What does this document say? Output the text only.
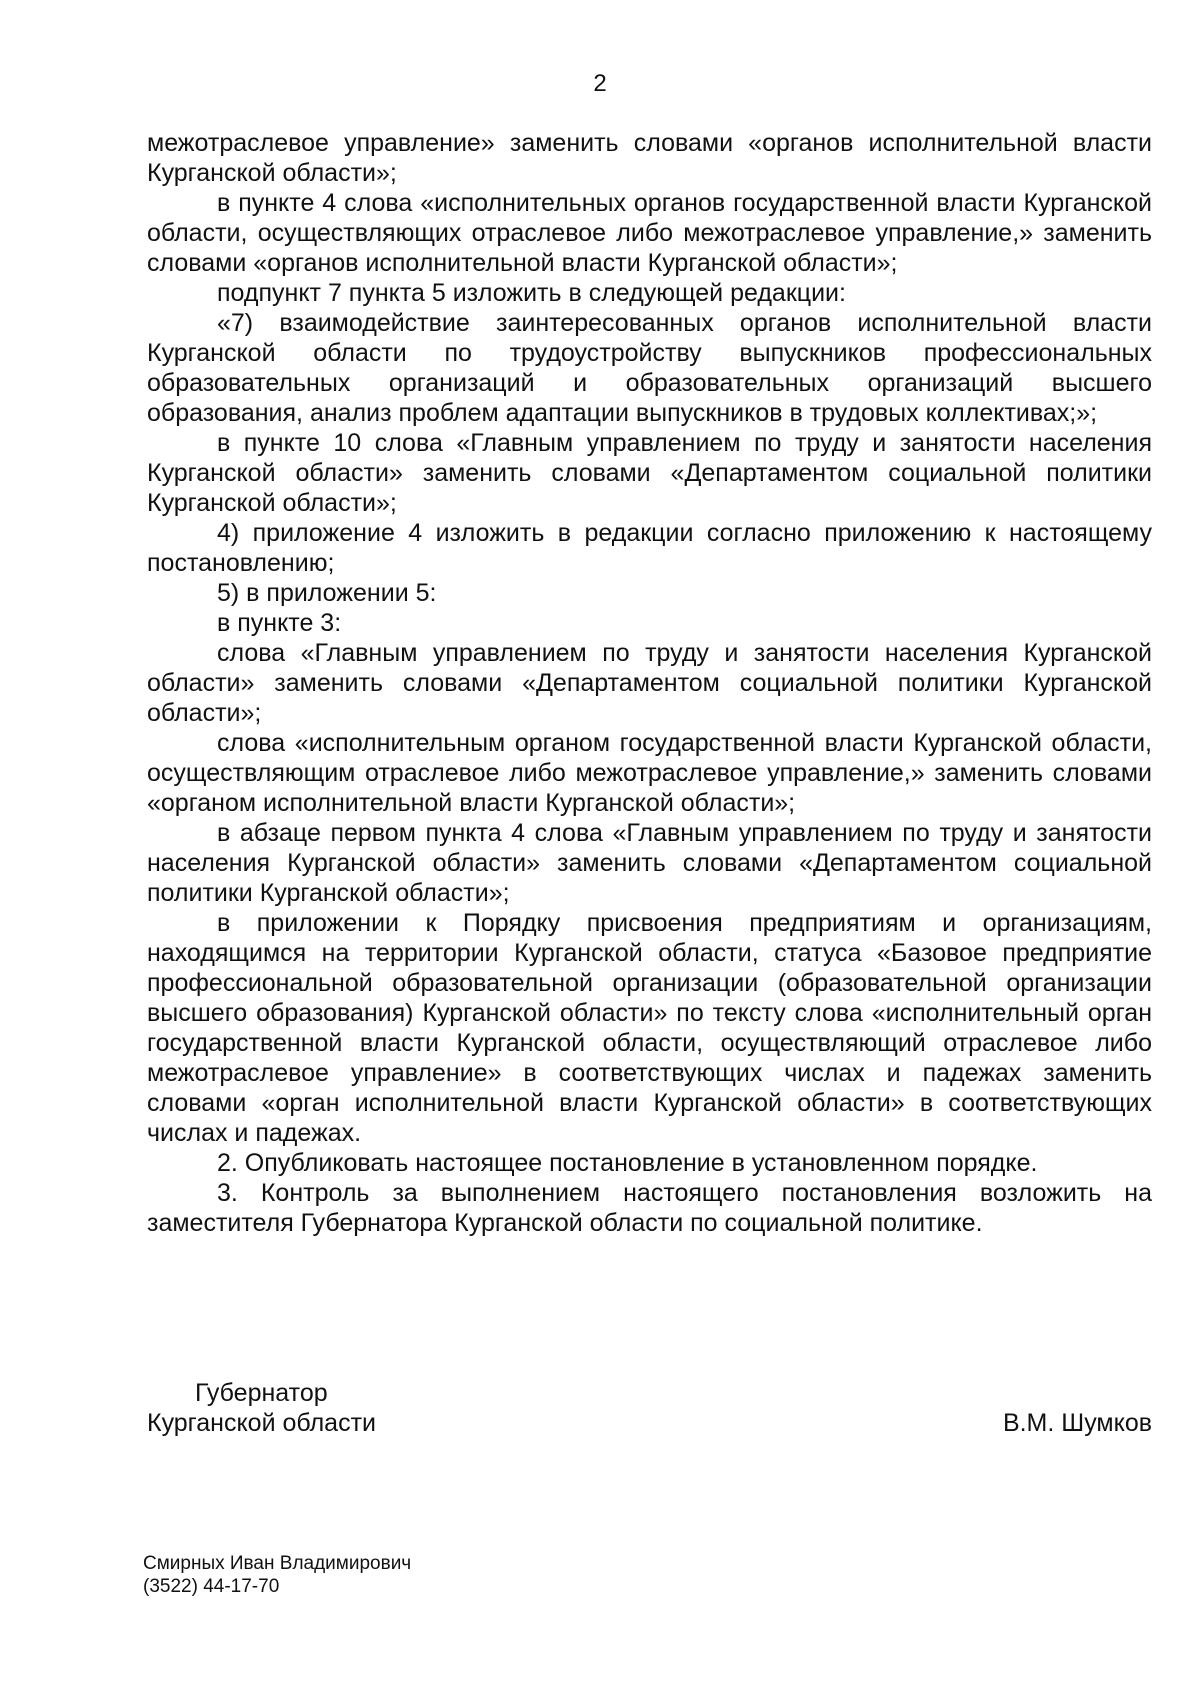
2

межотраслевое управление» заменить словами «органов исполнительной власти Курганской области»;

в пункте 4 слова «исполнительных органов государственной власти Курганской области, осуществляющих отраслевое либо межотраслевое управление,» заменить словами «органов исполнительной власти Курганской области»;

подпункт 7 пункта 5 изложить в следующей редакции:

«7) взаимодействие заинтересованных органов исполнительной власти Курганской области по трудоустройству выпускников профессиональных образовательных организаций и образовательных организаций высшего образования, анализ проблем адаптации выпускников в трудовых коллективах;»;

в пункте 10 слова «Главным управлением по труду и занятости населения Курганской области» заменить словами «Департаментом социальной политики Курганской области»;

4) приложение 4 изложить в редакции согласно приложению к настоящему постановлению;

5) в приложении 5:

в пункте 3:

слова «Главным управлением по труду и занятости населения Курганской области» заменить словами «Департаментом социальной политики Курганской области»;

слова «исполнительным органом государственной власти Курганской области, осуществляющим отраслевое либо межотраслевое управление,» заменить словами «органом исполнительной власти Курганской области»;

в абзаце первом пункта 4 слова «Главным управлением по труду и занятости населения Курганской области» заменить словами «Департаментом социальной политики Курганской области»;

в приложении к Порядку присвоения предприятиям и организациям, находящимся на территории Курганской области, статуса «Базовое предприятие профессиональной образовательной организации (образовательной организации высшего образования) Курганской области» по тексту слова «исполнительный орган государственной власти Курганской области, осуществляющий отраслевое либо межотраслевое управление» в соответствующих числах и падежах заменить словами «орган исполнительной власти Курганской области» в соответствующих числах и падежах.

2. Опубликовать настоящее постановление в установленном порядке.

3. Контроль за выполнением настоящего постановления возложить на заместителя Губернатора Курганской области по социальной политике.

Губернатор
Курганской области	В.М. Шумков
Смирных Иван Владимирович
(3522) 44-17-70
